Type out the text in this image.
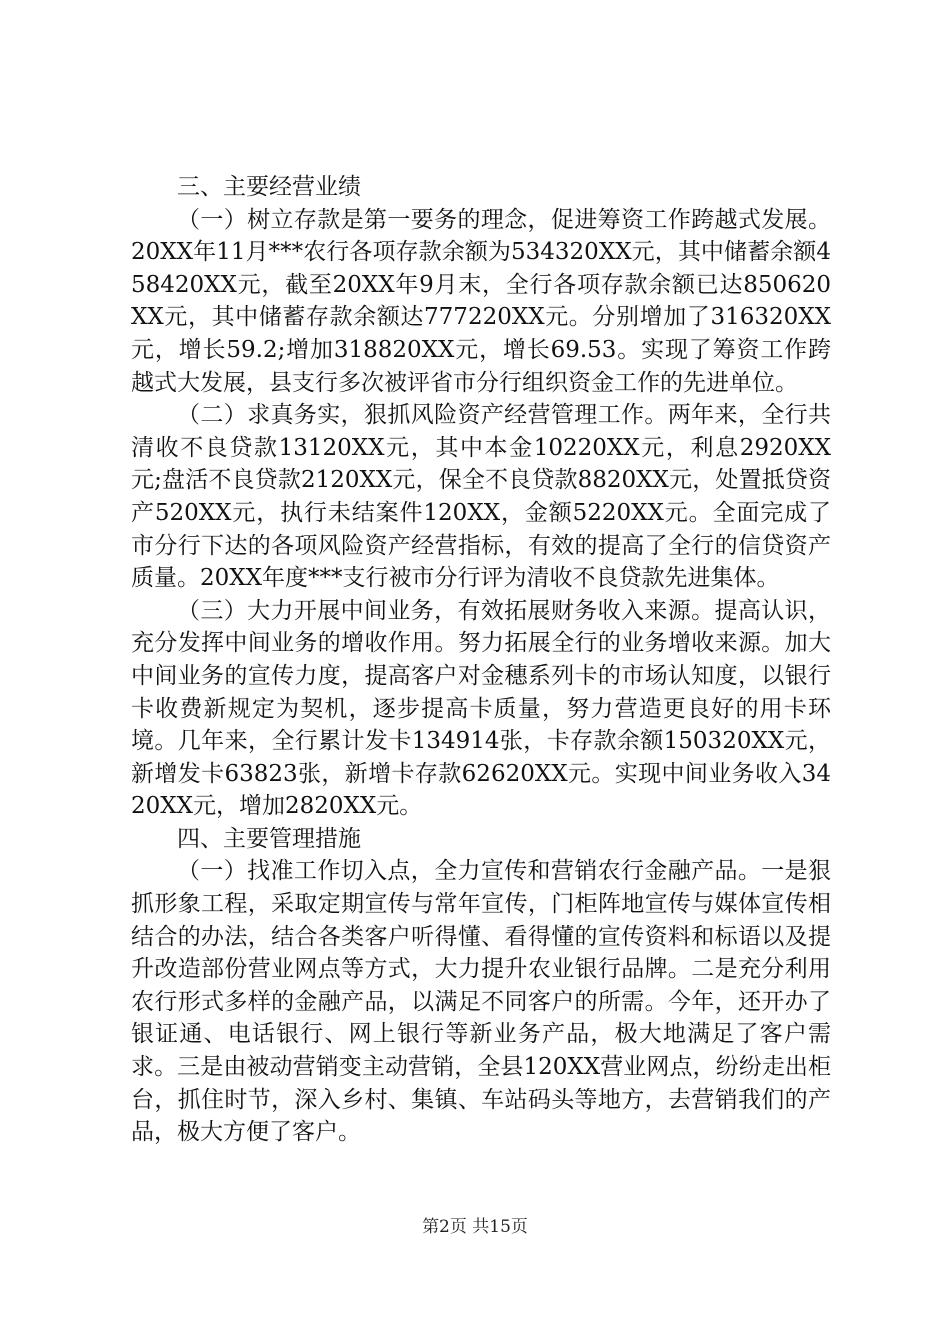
三、主要经营业绩

（一）树立存款是第一要务的理念，促进筹资工作跨越式发展。20XX年11月***农行各项存款余额为534320XX元，其中储蓄余额458420XX元，截至20XX年9月末，全行各项存款余额已达850620XX元，其中储蓄存款余额达777220XX元。分别增加了316320XX元，增长59.2;增加318820XX元，增长69.53。实现了筹资工作跨越式大发展，县支行多次被评省市分行组织资金工作的先进单位。

（二）求真务实，狠抓风险资产经营管理工作。两年来，全行共清收不良贷款13120XX元，其中本金10220XX元，利息2920XX元;盘活不良贷款2120XX元，保全不良贷款8820XX元，处置抵贷资产520XX元，执行未结案件120XX，金额5220XX元。全面完成了市分行下达的各项风险资产经营指标，有效的提高了全行的信贷资产质量。20XX年度***支行被市分行评为清收不良贷款先进集体。

（三）大力开展中间业务，有效拓展财务收入来源。提高认识，充分发挥中间业务的增收作用。努力拓展全行的业务增收来源。加大中间业务的宣传力度，提高客户对金穗系列卡的市场认知度，以银行卡收费新规定为契机，逐步提高卡质量，努力营造更良好的用卡环境。几年来，全行累计发卡134914张，卡存款余额150320XX元，新增发卡63823张，新增卡存款62620XX元。实现中间业务收入3420XX元，增加2820XX元。

四、主要管理措施

（一）找准工作切入点，全力宣传和营销农行金融产品。一是狠抓形象工程，采取定期宣传与常年宣传，门柜阵地宣传与媒体宣传相结合的办法，结合各类客户听得懂、看得懂的宣传资料和标语以及提升改造部份营业网点等方式，大力提升农业银行品牌。二是充分利用农行形式多样的金融产品，以满足不同客户的所需。今年，还开办了银证通、电话银行、网上银行等新业务产品，极大地满足了客户需求。三是由被动营销变主动营销，全县120XX营业网点，纷纷走出柜台，抓住时节，深入乡村、集镇、车站码头等地方，去营销我们的产品，极大方便了客户。

第2页 共15页
